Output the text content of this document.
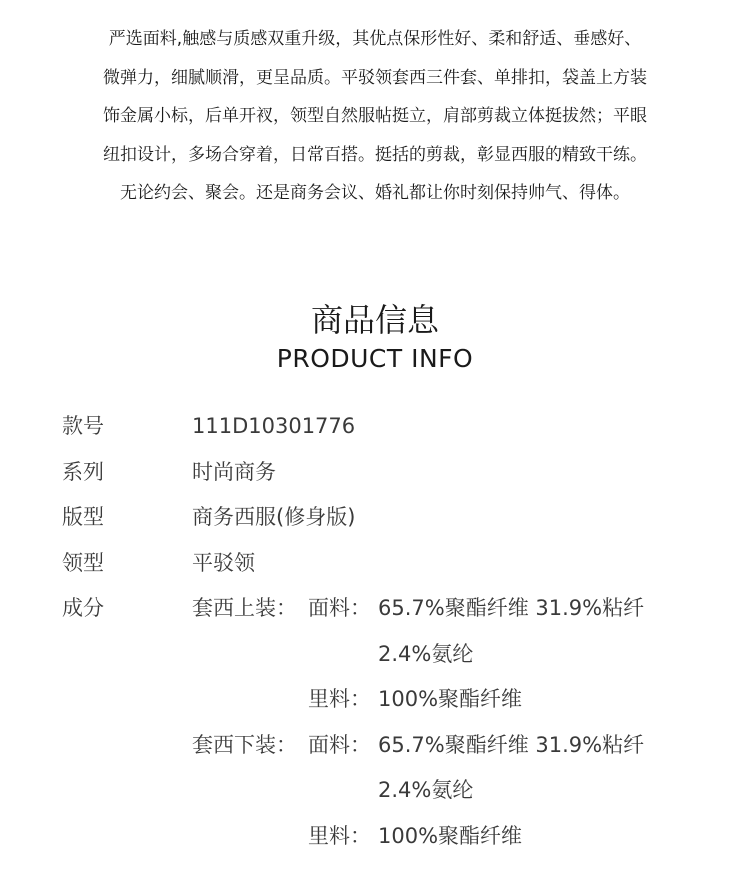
严选面料,触感与质感双重升级，其优点保形性好、柔和舒适、垂感好、
微弹力，细腻顺滑，更呈品质。平驳领套西三件套、单排扣，袋盖上方装
饰金属小标，后单开衩，领型自然服帖挺立，肩部剪裁立体挺拔然；平眼
纽扣设计，多场合穿着，日常百搭。挺括的剪裁，彰显西服的精致干练。
无论约会、聚会。还是商务会议、婚礼都让你时刻保持帅气、得体。
商品信息
PRODUCT INFO
款号	111D10301776
系列	时尚商务
版型	商务西服(修身版)
领型	平驳领
成分	套西上装： 面料： 65.7%聚酯纤维 31.9%粘纤
2.4%氨纶
里料： 100%聚酯纤维
套西下装： 面料： 65.7%聚酯纤维 31.9%粘纤
2.4%氨纶
里料： 100%聚酯纤维
